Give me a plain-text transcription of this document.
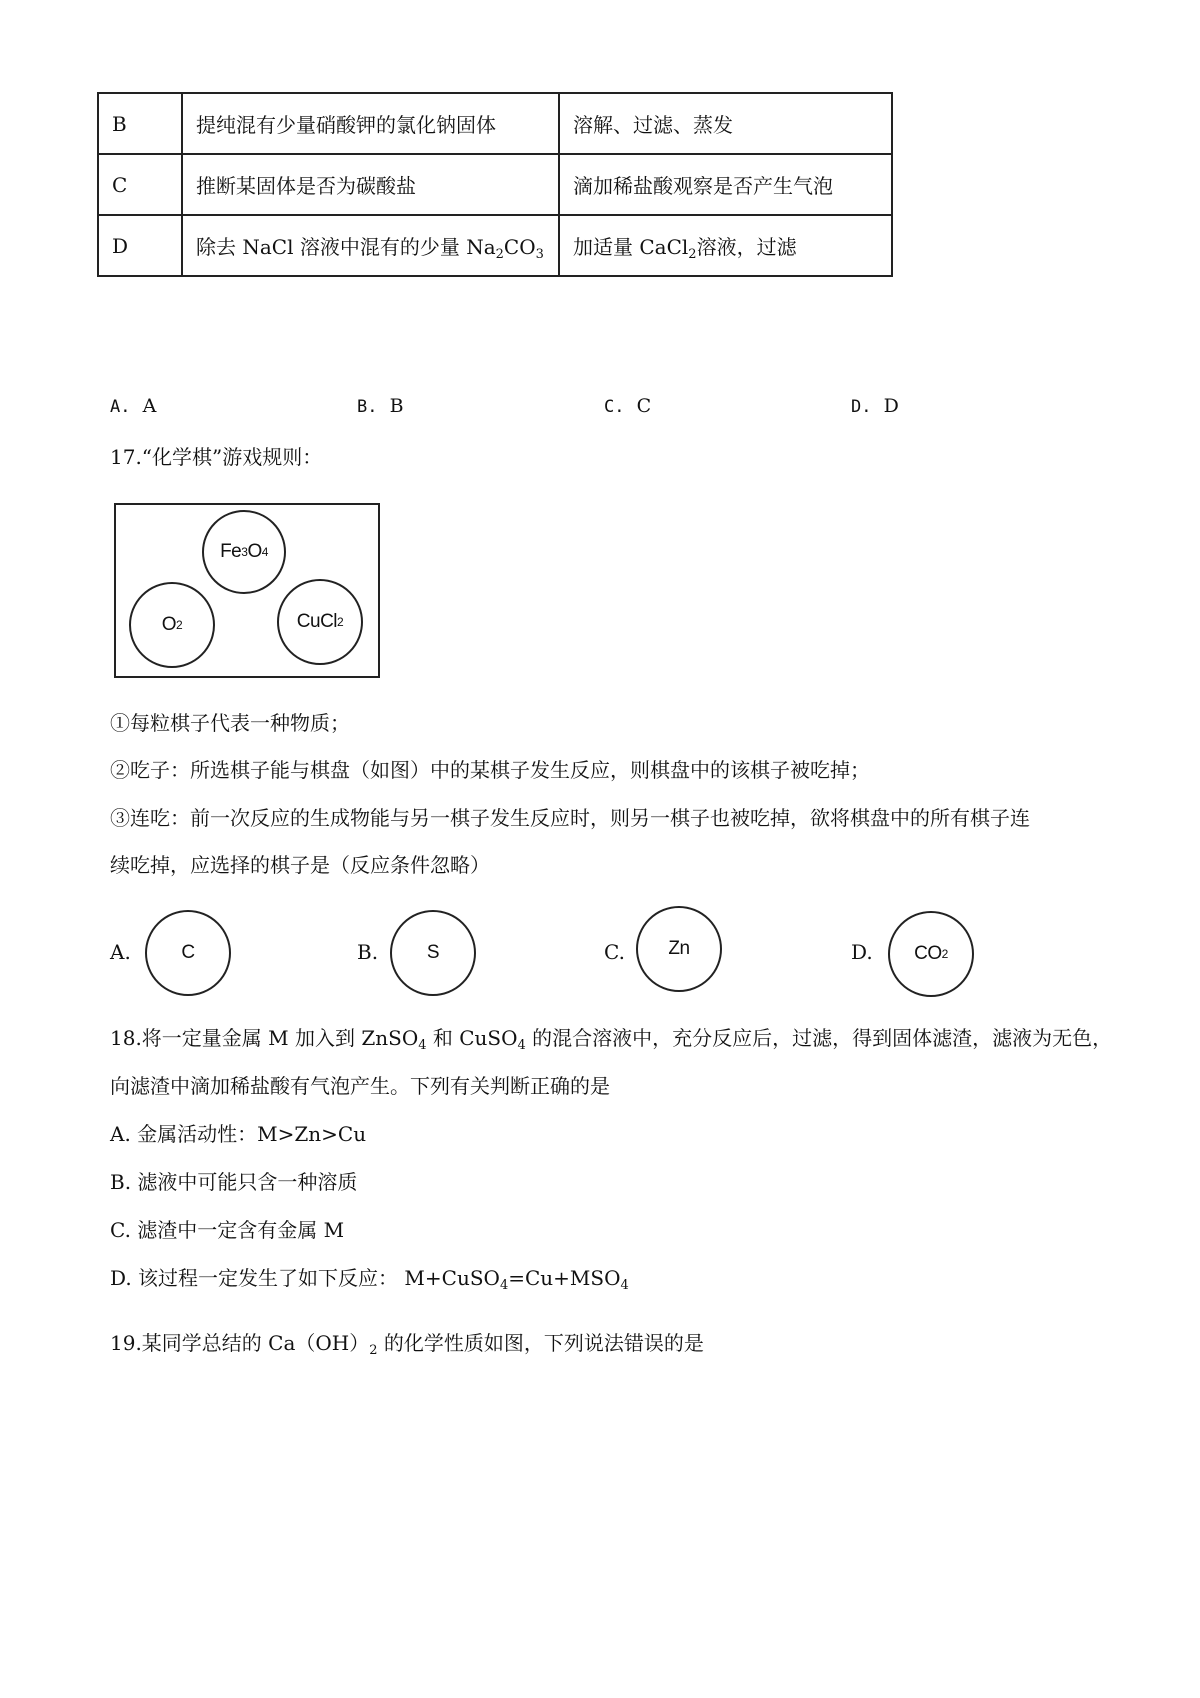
B	提纯混有少量硝酸钾的氯化钠固体	溶解、过滤、蒸发
C	推断某固体是否为碳酸盐	滴加稀盐酸观察是否产生气泡
D	除去 NaCl 溶液中混有的少量 $Na_2CO_3$	加适量 CaCl$_2$溶液，过滤
A. A	B. B	C. C	D. D
17.“化学棋”游戏规则：
Fe 3 O 4
O 2	CuCl 2
①每粒棋子代表一种物质；
②吃子：所选棋子能与棋盘（如图）中的某棋子发生反应，则棋盘中的该棋子被吃掉；
③连吃：前一次反应的生成物能与另一棋子发生反应时，则另一棋子也被吃掉，欲将棋盘中的所有棋子连
续吃掉，应选择的棋子是（反应条件忽略）
A.	C	B.	S	C. Zn	D. CO 2
18.将一定量金属 M 加入到 ZnSO$_4$ 和 CuSO$_4$ 的混合溶液中，充分反应后，过滤，得到固体滤渣，滤液为无色，
向滤渣中滴加稀盐酸有气泡产生。下列有关判断正确的是
A. 金属活动性：M>Zn>Cu
B. 滤液中可能只含一种溶质
C. 滤渣中一定含有金属 M
D. 该过程一定发生了如下反应： $M+CuSO_4=Cu+MSO_4$
19.某同学总结的 $Ca(OH)_2$ 的化学性质如图，下列说法错误的是
